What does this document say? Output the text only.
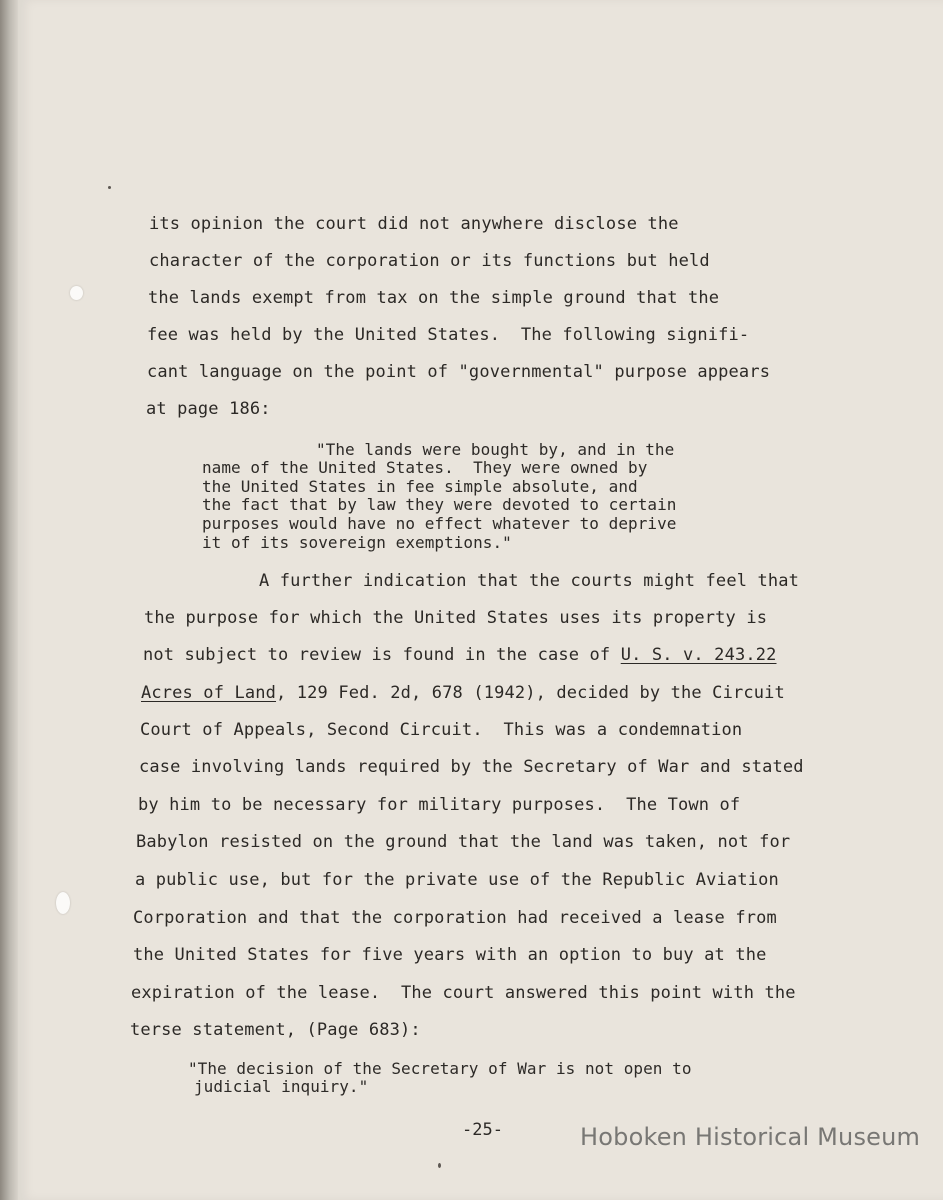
its opinion the court did not anywhere disclose the
character of the corporation or its functions but held
the lands exempt from tax on the simple ground that the
fee was held by the United States.  The following signifi-
cant language on the point of "governmental" purpose appears
at page 186:
"The lands were bought by, and in the
name of the United States.  They were owned by
the United States in fee simple absolute, and
the fact that by law they were devoted to certain
purposes would have no effect whatever to deprive
it of its sovereign exemptions."
A further indication that the courts might feel that
the purpose for which the United States uses its property is
not subject to review is found in the case of U. S. v. 243.22
Acres of Land, 129 Fed. 2d, 678 (1942), decided by the Circuit
Court of Appeals, Second Circuit.  This was a condemnation
case involving lands required by the Secretary of War and stated
by him to be necessary for military purposes.  The Town of
Babylon resisted on the ground that the land was taken, not for
a public use, but for the private use of the Republic Aviation
Corporation and that the corporation had received a lease from
the United States for five years with an option to buy at the
expiration of the lease.  The court answered this point with the
terse statement, (Page 683):
"The decision of the Secretary of War is not open to
judicial inquiry."
-25-	Hoboken Historical Museum
